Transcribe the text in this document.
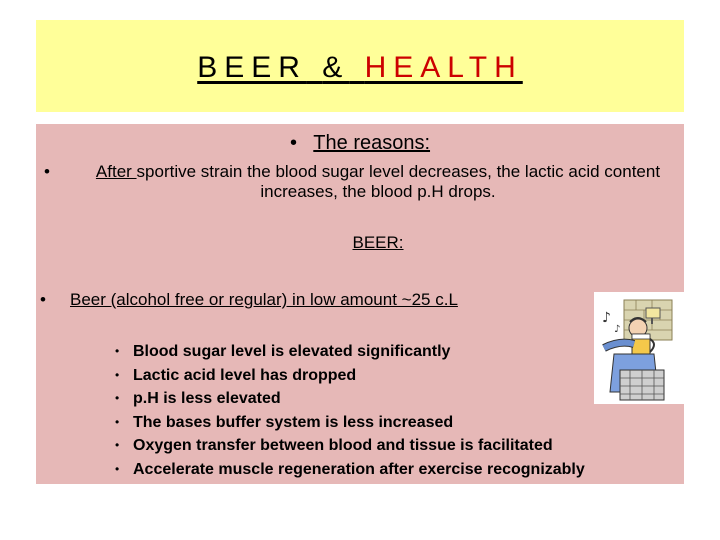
BEER & HEALTH
• The reasons:
•	After sportive strain the blood sugar level decreases, the lactic acid content increases, the blood p.H drops.
BEER:
• Beer (alcohol free or regular) in low amount ~25 c.L
• Blood sugar level is elevated significantly
• Lactic acid level has dropped
• p.H is less elevated
• The bases buffer system is less increased
• Oxygen transfer between blood and tissue is facilitated
• Accelerate muscle regeneration after exercise recognizably
♪
♪
